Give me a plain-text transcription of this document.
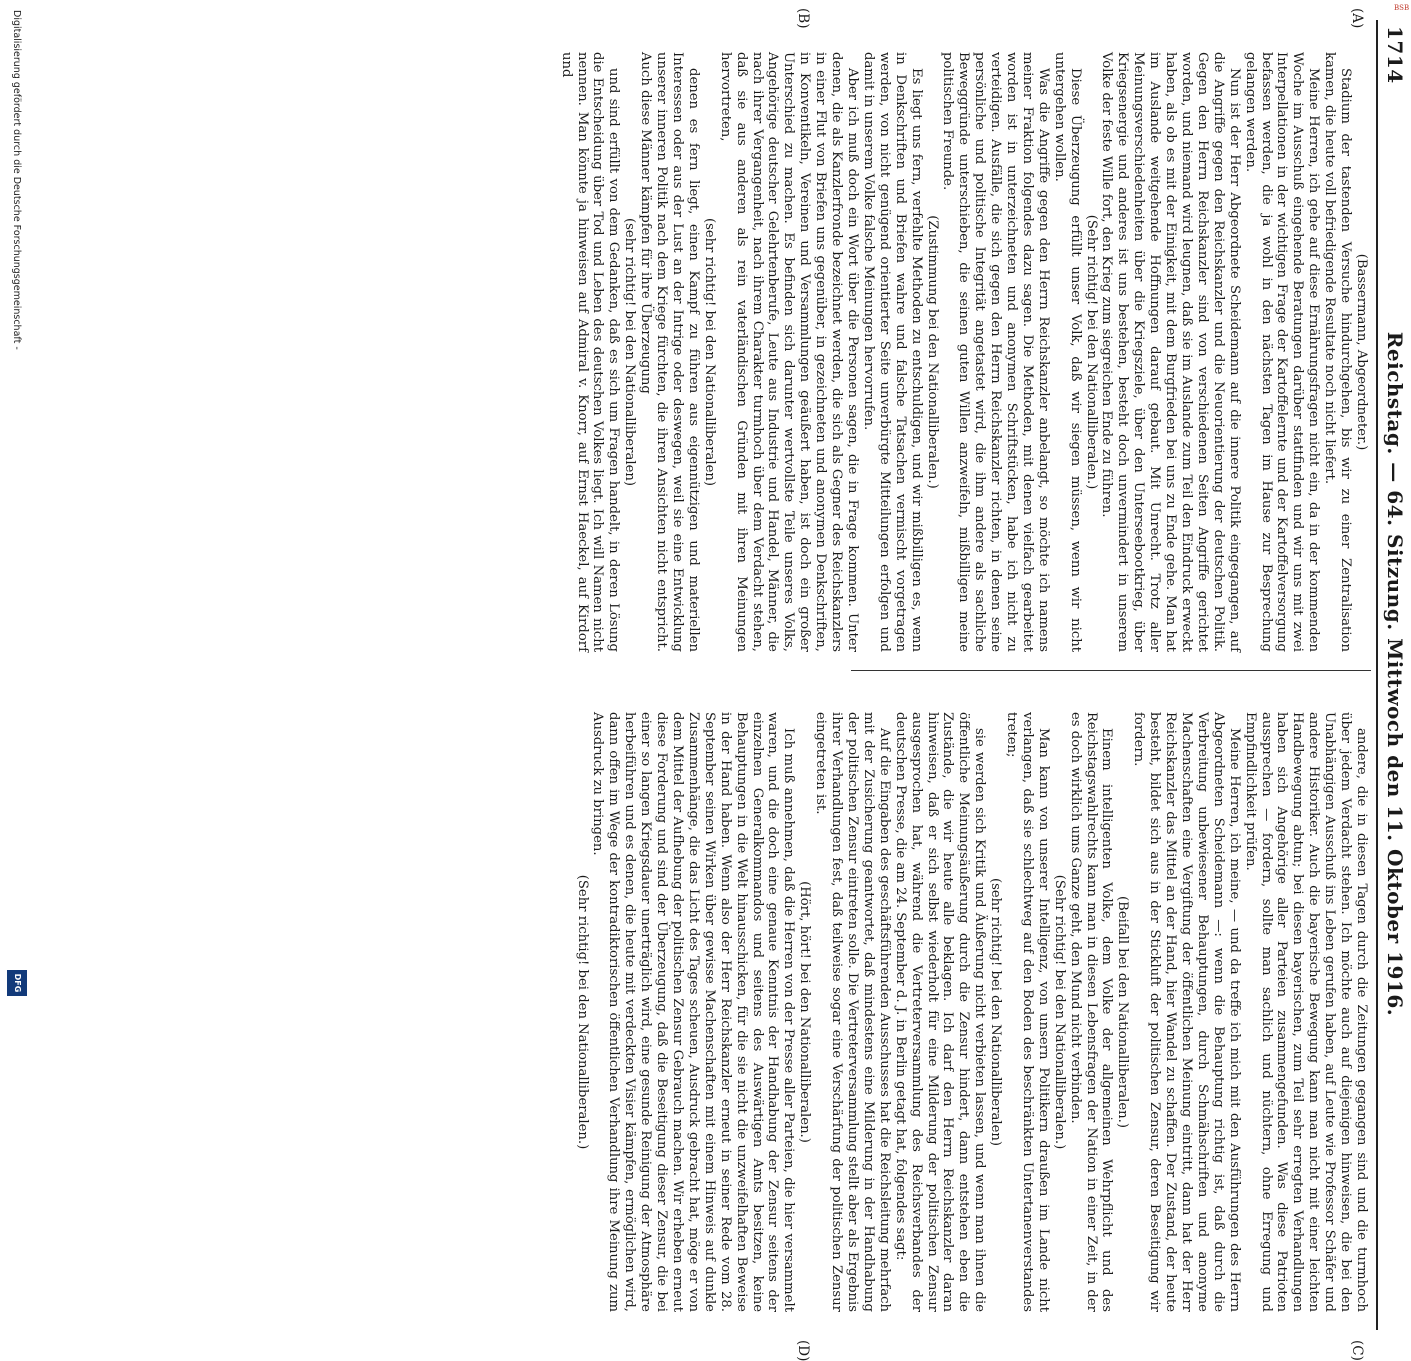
1714
Reichstag. — 64. Sitzung. Mittwoch den 11. Oktober 1916.
(A)
(B)
(C)
(D)

(Bassermann, Abgeordneter.)

Stadium der tastenden Versuche hindurchgehen, bis wir zu einer Zentralisation kamen, die heute voll befriedigende Resultate noch nicht liefert.

Meine Herren, ich gehe auf diese Ernährungsfragen nicht ein, da in der kommenden Woche im Ausschuß eingehende Beratungen darüber stattfinden und wir uns mit zwei Interpellationen in der wichtigen Frage der Kartoffelernte und der Kartoffelversorgung befassen werden, die ja wohl in den nächsten Tagen im Hause zur Besprechung gelangen werden.

Nun ist der Herr Abgeordnete Scheidemann auf die innere Politik eingegangen, auf die Angriffe gegen den Reichskanzler und die Neuorientierung der deutschen Politik. Gegen den Herrn Reichskanzler sind von verschiedenen Seiten Angriffe gerichtet worden, und niemand wird leugnen, daß sie im Auslande zum Teil den Eindruck erweckt haben, als ob es mit der Einigkeit, mit dem Burgfrieden bei uns zu Ende gehe. Man hat im Auslande weitgehende Hoffnungen darauf gebaut. Mit Unrecht. Trotz aller Meinungsverschiedenheiten über die Kriegsziele, über den Unterseebootkrieg, über Kriegsenergie und anderes ist uns bestehen, besteht doch unvermindert in unserem Volke der feste Wille fort, den Krieg zum siegreichen Ende zu führen.

(Sehr richtig! bei den Nationalliberalen.)

Diese Überzeugung erfüllt unser Volk, daß wir siegen müssen, wenn wir nicht untergehen wollen.

Was die Angriffe gegen den Herrn Reichskanzler anbelangt, so möchte ich namens meiner Fraktion folgendes dazu sagen. Die Methoden, mit denen vielfach gearbeitet worden ist in unterzeichneten und anonymen Schriftstücken, habe ich nicht zu verteidigen. Ausfälle, die sich gegen den Herrn Reichskanzler richten, in denen seine persönliche und politische Integrität angetastet wird, die ihm andere als sachliche Beweggründe unterschieben, die seinen guten Willen anzweifeln, mißbilligen meine politischen Freunde.

(Zustimmung bei den Nationalliberalen.)

Es liegt uns fern, verfehlte Methoden zu entschuldigen, und wir mißbilligen es, wenn in Denkschriften und Briefen wahre und falsche Tatsachen vermischt vorgetragen werden, von nicht genügend orientierter Seite unverbürgte Mitteilungen erfolgen und damit in unserem Volke falsche Meinungen hervorrufen.

Aber ich muß doch ein Wort über die Personen sagen, die in Frage kommen. Unter denen, die als Kanzlerfronde bezeichnet werden, die sich als Gegner des Reichskanzlers in einer Flut von Briefen uns gegenüber, in gezeichneten und anonymen Denkschriften, in Konventikeln, Vereinen und Versammlungen geäußert haben, ist doch ein großer Unterschied zu machen. Es befinden sich darunter wertvollste Teile unseres Volks, Angehörige deutscher Gelehrtenberufe, Leute aus Industrie und Handel, Männer, die nach ihrer Vergangenheit, nach ihrem Charakter turmhoch über dem Verdacht stehen, daß sie aus anderen als rein vaterländischen Gründen mit ihren Meinungen hervortreten,

(sehr richtig! bei den Nationalliberalen)

denen es fern liegt, einen Kampf zu führen aus eigennützigen und materiellen Interessen oder aus der Lust an der Intrige oder deswegen, weil sie eine Entwicklung unserer inneren Politik nach dem Kriege fürchten, die ihren Ansichten nicht entspricht. Auch diese Männer kämpfen für ihre Überzeugung

(sehr richtig! bei den Nationalliberalen)

und sind erfüllt von dem Gedanken, daß es sich um Fragen handelt, in deren Lösung die Entscheidung über Tod und Leben des deutschen Volkes liegt. Ich will Namen nicht nennen. Man könnte ja hinweisen auf Admiral v. Knorr, auf Ernst Haeckel, auf Kirdorf und

andere, die in diesen Tagen durch die Zeitungen gegangen sind und die turmhoch über jedem Verdacht stehen. Ich möchte auch auf diejenigen hinweisen, die bei den Unabhängigen Ausschuß ins Leben gerufen haben, auf Leute wie Professor Schäfer und andere Historiker. Auch die bayerische Bewegung kann man nicht mit einer leichten Handbewegung abtun; bei diesen bayerischen, zum Teil sehr erregten Verhandlungen haben sich Angehörige aller Parteien zusammengefunden. Was diese Patrioten aussprechen — fordern, sollte man sachlich und nüchtern, ohne Erregung und Empfindlichkeit prüfen.

Meine Herren, ich meine, — und da treffe ich mich mit den Ausführungen des Herrn Abgeordneten Scheidemann —: wenn die Behauptung richtig ist, daß durch die Verbreitung unbewiesener Behauptungen, durch Schmähschriften und anonyme Machenschaften eine Vergiftung der öffentlichen Meinung eintritt, dann hat der Herr Reichskanzler das Mittel an der Hand, hier Wandel zu schaffen. Der Zustand, der heute besteht, bildet sich aus in der Stickluft der politischen Zensur, deren Beseitigung wir fordern.

(Beifall bei den Nationalliberalen.)

Einem intelligenten Volke, dem Volke der allgemeinen Wehrpflicht und des Reichstagswahlrechts kann man in diesen Lebensfragen der Nation in einer Zeit, in der es doch wirklich ums Ganze geht, den Mund nicht verbinden.

(Sehr richtig! bei den Nationalliberalen.)

Man kann von unserer Intelligenz, von unsern Politikern draußen im Lande nicht verlangen, daß sie schlechtweg auf den Boden des beschränkten Untertanenverstandes treten;

(sehr richtig! bei den Nationalliberalen)

sie werden sich Kritik und Äußerung nicht verbieten lassen, und wenn man ihnen die öffentliche Meinungsäußerung durch die Zensur hindert, dann entstehen eben die Zustände, die wir heute alle beklagen. Ich darf den Herrn Reichskanzler daran hinweisen, daß er sich selbst wiederholt für eine Milderung der politischen Zensur ausgesprochen hat, während die Vertreterversammlung des Reichsverbandes der deutschen Presse, die am 24. September d. J. in Berlin getagt hat, folgendes sagt:

Auf die Eingaben des geschäftsführenden Ausschusses hat die Reichsleitung mehrfach mit der Zusicherung geantwortet, daß mindestens eine Milderung in der Handhabung der politischen Zensur eintreten solle. Die Vertreterversammlung stellt aber als Ergebnis ihrer Verhandlungen fest, daß teilweise sogar eine Verschärfung der politischen Zensur eingetreten ist.

(Hört, hört! bei den Nationalliberalen.)

Ich muß annehmen, daß die Herren von der Presse aller Parteien, die hier versammelt waren, und die doch eine genaue Kenntnis der Handhabung der Zensur seitens der einzelnen Generalkommandos und seitens des Auswärtigen Amts besitzen, keine Behauptungen in die Welt hinausschicken, für die sie nicht die unzweifelhaften Beweise in der Hand haben. Wenn also der Herr Reichskanzler erneut in seiner Rede vom 28. September seinen Wirken über gewisse Machenschaften mit einem Hinweis auf dunkle Zusammenhänge, die das Licht des Tages scheuen, Ausdruck gebracht hat, möge er von dem Mittel der Aufhebung der politischen Zensur Gebrauch machen. Wir erheben erneut diese Forderung und sind der Überzeugung, daß die Beseitigung dieser Zensur, die bei einer so langen Kriegsdauer unerträglich wird, eine gesunde Reinigung der Atmosphäre herbeiführen und es denen, die heute mit verdeckten Visier kämpfen, ermöglichen wird, dann offen im Wege der kontradiktorischen öffentlichen Verhandlung ihre Meinung zum Ausdruck zu bringen.

(Sehr richtig! bei den Nationalliberalen.)

Digitalisierung gefördert durch die Deutsche Forschungsgemeinschaft -
DFG
BSB
